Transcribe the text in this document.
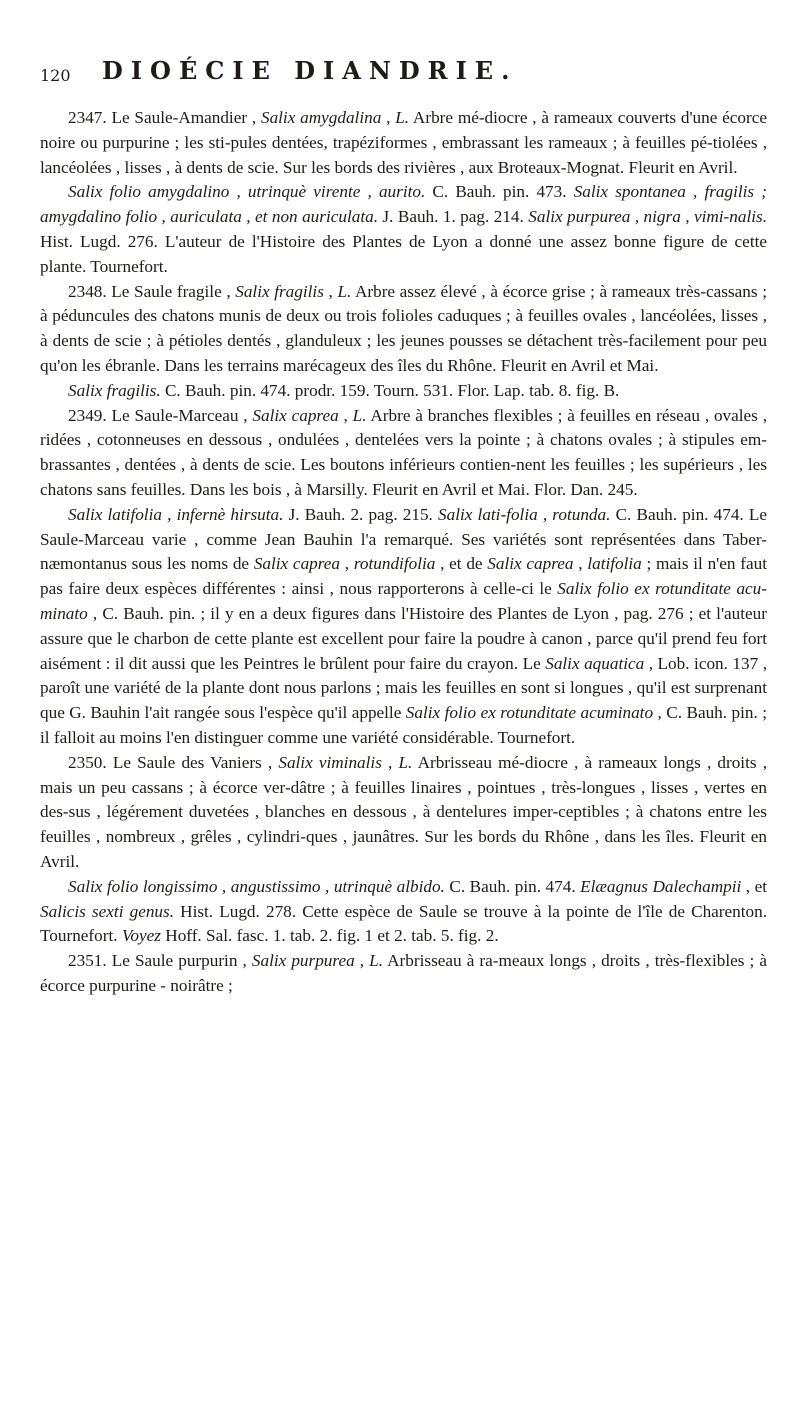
120 DIOÉCIE DIANDRIE.

2347. Le Saule-Amandier , Salix amygdalina , L. Arbre mé-diocre , à rameaux couverts d'une écorce noire ou purpurine ; les sti-pules dentées, trapéziformes , embrassant les rameaux ; à feuilles pé-tiolées , lancéolées , lisses , à dents de scie. Sur les bords des rivières , aux Broteaux-Mognat. Fleurit en Avril.

Salix folio amygdalino , utrinquè virente , aurito. C. Bauh. pin. 473. Salix spontanea , fragilis ; amygdalino folio , auriculata , et non auriculata. J. Bauh. 1. pag. 214. Salix purpurea , nigra , vimi-nalis. Hist. Lugd. 276. L'auteur de l'Histoire des Plantes de Lyon a donné une assez bonne figure de cette plante. Tournefort.

2348. Le Saule fragile , Salix fragilis , L. Arbre assez élevé , à écorce grise ; à rameaux très-cassans ; à péduncules des chatons munis de deux ou trois folioles caduques ; à feuilles ovales , lancéolées, lisses , à dents de scie ; à pétioles dentés , glanduleux ; les jeunes pousses se détachent très-facilement pour peu qu'on les ébranle. Dans les terrains marécageux des îles du Rhône. Fleurit en Avril et Mai.

Salix fragilis. C. Bauh. pin. 474. prodr. 159. Tourn. 531. Flor. Lap. tab. 8. fig. B.

2349. Le Saule-Marceau , Salix caprea , L. Arbre à branches flexibles ; à feuilles en réseau , ovales , ridées , cotonneuses en dessous , ondulées , dentelées vers la pointe ; à chatons ovales ; à stipules em-brassantes , dentées , à dents de scie. Les boutons inférieurs contien-nent les feuilles ; les supérieurs , les chatons sans feuilles. Dans les bois , à Marsilly. Fleurit en Avril et Mai. Flor. Dan. 245.

Salix latifolia , infernè hirsuta. J. Bauh. 2. pag. 215. Salix lati-folia , rotunda. C. Bauh. pin. 474. Le Saule-Marceau varie , comme Jean Bauhin l'a remarqué. Ses variétés sont représentées dans Taber-næmontanus sous les noms de Salix caprea , rotundifolia , et de Salix caprea , latifolia ; mais il n'en faut pas faire deux espèces différentes : ainsi , nous rapporterons à celle-ci le Salix folio ex rotunditate acu-minato , C. Bauh. pin. ; il y en a deux figures dans l'Histoire des Plantes de Lyon , pag. 276 ; et l'auteur assure que le charbon de cette plante est excellent pour faire la poudre à canon , parce qu'il prend feu fort aisément : il dit aussi que les Peintres le brûlent pour faire du crayon. Le Salix aquatica , Lob. icon. 137 , paroît une variété de la plante dont nous parlons ; mais les feuilles en sont si longues , qu'il est surprenant que G. Bauhin l'ait rangée sous l'espèce qu'il appelle Salix folio ex rotunditate acuminato , C. Bauh. pin. ; il falloit au moins l'en distinguer comme une variété considérable. Tournefort.

2350. Le Saule des Vaniers , Salix viminalis , L. Arbrisseau mé-diocre , à rameaux longs , droits , mais un peu cassans ; à écorce ver-dâtre ; à feuilles linaires , pointues , très-longues , lisses , vertes en des-sus , légérement duvetées , blanches en dessous , à dentelures imper-ceptibles ; à chatons entre les feuilles , nombreux , grêles , cylindri-ques , jaunâtres. Sur les bords du Rhône , dans les îles. Fleurit en Avril.

Salix folio longissimo , angustissimo , utrinquè albido. C. Bauh. pin. 474. Elæagnus Dalechampii , et Salicis sexti genus. Hist. Lugd. 278. Cette espèce de Saule se trouve à la pointe de l'île de Charenton. Tournefort. Voyez Hoff. Sal. fasc. 1. tab. 2. fig. 1 et 2. tab. 5. fig. 2.

2351. Le Saule purpurin , Salix purpurea , L. Arbrisseau à ra-meaux longs , droits , très-flexibles ; à écorce purpurine - noirâtre ;
